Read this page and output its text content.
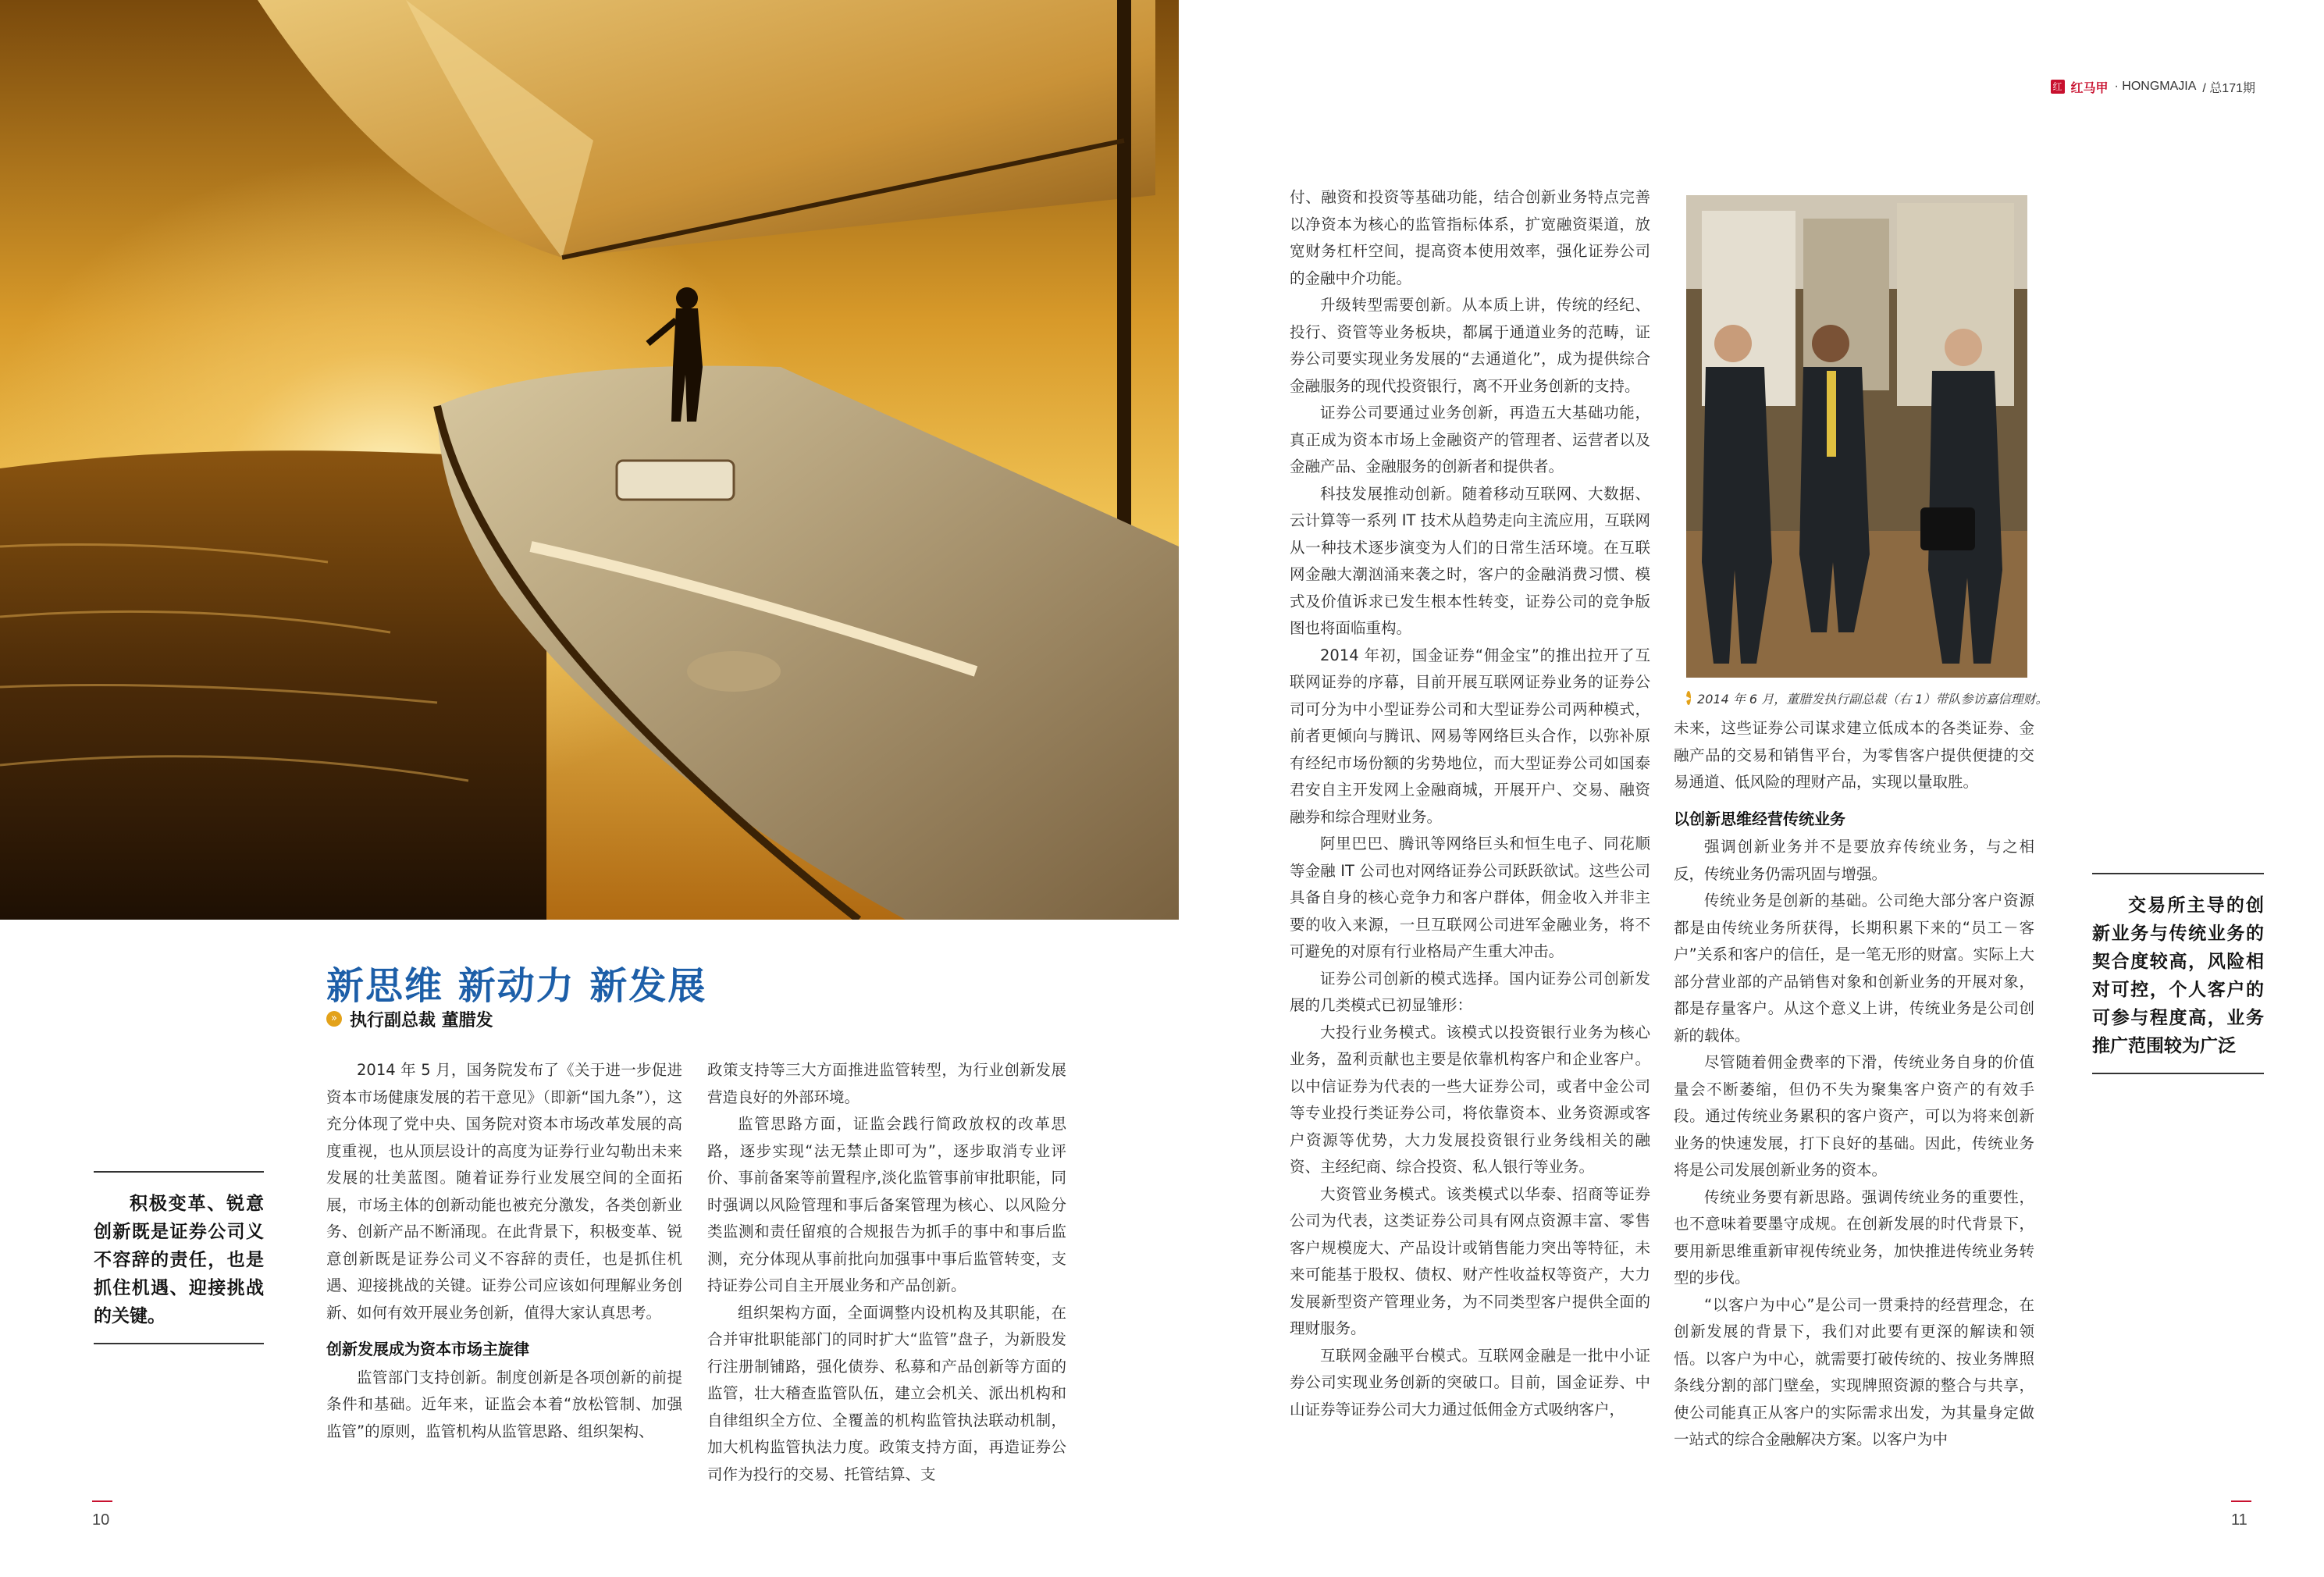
红 红马甲 · HONGMAJIA / 总171期
▸ 2014 年 6 月，董腊发执行副总裁（右 1）带队参访嘉信理财。
新思维 新动力 新发展
» 执行副总裁 董腊发

2014 年 5 月，国务院发布了《关于进一步促进资本市场健康发展的若干意见》（即新“国九条”），这充分体现了党中央、国务院对资本市场改革发展的高度重视，也从顶层设计的高度为证券行业勾勒出未来发展的壮美蓝图。随着证券行业发展空间的全面拓展，市场主体的创新动能也被充分激发，各类创新业务、创新产品不断涌现。在此背景下，积极变革、锐意创新既是证券公司义不容辞的责任，也是抓住机遇、迎接挑战的关键。证券公司应该如何理解业务创新、如何有效开展业务创新，值得大家认真思考。

创新发展成为资本市场主旋律

监管部门支持创新。制度创新是各项创新的前提条件和基础。近年来，证监会本着“放松管制、加强监管”的原则，监管机构从监管思路、组织架构、

政策支持等三大方面推进监管转型，为行业创新发展营造良好的外部环境。

监管思路方面，证监会践行简政放权的改革思路，逐步实现“法无禁止即可为”，逐步取消专业评价、事前备案等前置程序,淡化监管事前审批职能，同时强调以风险管理和事后备案管理为核心、以风险分类监测和责任留痕的合规报告为抓手的事中和事后监测，充分体现从事前批向加强事中事后监管转变，支持证券公司自主开展业务和产品创新。

组织架构方面，全面调整内设机构及其职能，在合并审批职能部门的同时扩大“监管”盘子，为新股发行注册制铺路，强化债券、私募和产品创新等方面的监管，壮大稽查监管队伍，建立会机关、派出机构和自律组织全方位、全覆盖的机构监管执法联动机制，加大机构监管执法力度。政策支持方面，再造证券公司作为投行的交易、托管结算、支

付、融资和投资等基础功能，结合创新业务特点完善以净资本为核心的监管指标体系，扩宽融资渠道，放宽财务杠杆空间，提高资本使用效率，强化证券公司的金融中介功能。

升级转型需要创新。从本质上讲，传统的经纪、投行、资管等业务板块，都属于通道业务的范畴，证券公司要实现业务发展的“去通道化”，成为提供综合金融服务的现代投资银行，离不开业务创新的支持。

证券公司要通过业务创新，再造五大基础功能，真正成为资本市场上金融资产的管理者、运营者以及金融产品、金融服务的创新者和提供者。

科技发展推动创新。随着移动互联网、大数据、云计算等一系列 IT 技术从趋势走向主流应用，互联网从一种技术逐步演变为人们的日常生活环境。在互联网金融大潮汹涌来袭之时，客户的金融消费习惯、模式及价值诉求已发生根本性转变，证券公司的竞争版图也将面临重构。

2014 年初，国金证券“佣金宝”的推出拉开了互联网证券的序幕，目前开展互联网证券业务的证券公司可分为中小型证券公司和大型证券公司两种模式，前者更倾向与腾讯、网易等网络巨头合作，以弥补原有经纪市场份额的劣势地位，而大型证券公司如国泰君安自主开发网上金融商城，开展开户、交易、融资融券和综合理财业务。

阿里巴巴、腾讯等网络巨头和恒生电子、同花顺等金融 IT 公司也对网络证券公司跃跃欲试。这些公司具备自身的核心竞争力和客户群体，佣金收入并非主要的收入来源，一旦互联网公司进军金融业务，将不可避免的对原有行业格局产生重大冲击。

证券公司创新的模式选择。国内证券公司创新发展的几类模式已初显雏形：

大投行业务模式。该模式以投资银行业务为核心业务，盈利贡献也主要是依靠机构客户和企业客户。以中信证券为代表的一些大证券公司，或者中金公司等专业投行类证券公司，将依靠资本、业务资源或客户资源等优势，大力发展投资银行业务线相关的融资、主经纪商、综合投资、私人银行等业务。

大资管业务模式。该类模式以华泰、招商等证券公司为代表，这类证券公司具有网点资源丰富、零售客户规模庞大、产品设计或销售能力突出等特征，未来可能基于股权、债权、财产性收益权等资产，大力发展新型资产管理业务，为不同类型客户提供全面的理财服务。

互联网金融平台模式。互联网金融是一批中小证券公司实现业务创新的突破口。目前，国金证券、中山证券等证券公司大力通过低佣金方式吸纳客户，

未来，这些证券公司谋求建立低成本的各类证券、金融产品的交易和销售平台，为零售客户提供便捷的交易通道、低风险的理财产品，实现以量取胜。

以创新思维经营传统业务

强调创新业务并不是要放弃传统业务，与之相反，传统业务仍需巩固与增强。

传统业务是创新的基础。公司绝大部分客户资源都是由传统业务所获得，长期积累下来的“员工－客户”关系和客户的信任，是一笔无形的财富。实际上大部分营业部的产品销售对象和创新业务的开展对象，都是存量客户。从这个意义上讲，传统业务是公司创新的载体。

尽管随着佣金费率的下滑，传统业务自身的价值量会不断萎缩，但仍不失为聚集客户资产的有效手段。通过传统业务累积的客户资产，可以为将来创新业务的快速发展，打下良好的基础。因此，传统业务将是公司发展创新业务的资本。

传统业务要有新思路。强调传统业务的重要性，也不意味着要墨守成规。在创新发展的时代背景下，要用新思维重新审视传统业务，加快推进传统业务转型的步伐。

“以客户为中心”是公司一贯秉持的经营理念，在创新发展的背景下，我们对此要有更深的解读和领悟。以客户为中心，就需要打破传统的、按业务牌照条线分割的部门壁垒，实现牌照资源的整合与共享，使公司能真正从客户的实际需求出发，为其量身定做一站式的综合金融解决方案。以客户为中

积极变革、锐意创新既是证券公司义不容辞的责任，也是抓住机遇、迎接挑战的关键。

交易所主导的创新业务与传统业务的契合度较高，风险相对可控，个人客户的可参与程度高，业务推广范围较为广泛

10	11
